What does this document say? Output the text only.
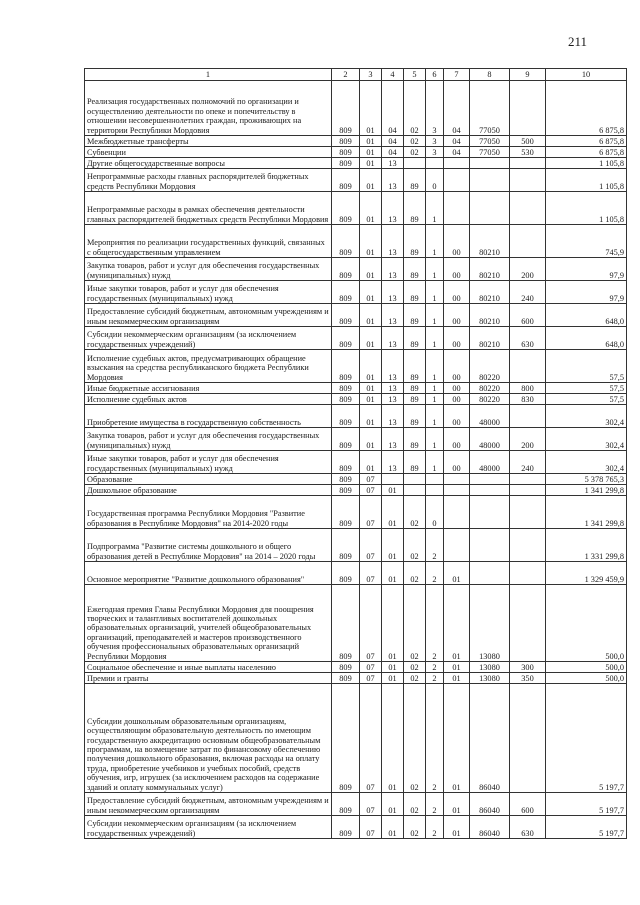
211
1	2	3	4	5	6	7	8	9	10
Реализация государственных полномочий по организации и осуществлению деятельности по опеке и попечительству в отношении несовершеннолетних граждан, проживающих на территории Республики Мордовия	809	01	04	02	3	04	77050		6 875,8
Межбюджетные трансферты	809	01	04	02	3	04	77050	500	6 875,8
Субвенции	809	01	04	02	3	04	77050	530	6 875,8
Другие общегосударственные вопросы	809	01	13						1 105,8
Непрограммные расходы главных распорядителей бюджетных средств Республики Мордовия	809	01	13	89	0				1 105,8
Непрограммные расходы в рамках обеспечения деятельности главных распорядителей бюджетных средств Республики Мордовия	809	01	13	89	1				1 105,8
Мероприятия по реализации государственных функций, связанных с общегосударственным управлением	809	01	13	89	1	00	80210		745,9
Закупка товаров, работ и услуг для обеспечения государственных (муниципальных) нужд	809	01	13	89	1	00	80210	200	97,9
Иные закупки товаров, работ и услуг для обеспечения государственных (муниципальных) нужд	809	01	13	89	1	00	80210	240	97,9
Предоставление субсидий бюджетным, автономным учреждениям и иным некоммерческим организациям	809	01	13	89	1	00	80210	600	648,0
Субсидии некоммерческим организациям (за исключением государственных учреждений)	809	01	13	89	1	00	80210	630	648,0
Исполнение судебных актов, предусматривающих обращение взыскания на средства республиканского бюджета Республики Мордовия	809	01	13	89	1	00	80220		57,5
Иные бюджетные ассигнования	809	01	13	89	1	00	80220	800	57,5
Исполнение судебных актов	809	01	13	89	1	00	80220	830	57,5
Приобретение имущества в государственную собственность	809	01	13	89	1	00	48000		302,4
Закупка товаров, работ и услуг для обеспечения государственных (муниципальных) нужд	809	01	13	89	1	00	48000	200	302,4
Иные закупки товаров, работ и услуг для обеспечения государственных (муниципальных) нужд	809	01	13	89	1	00	48000	240	302,4
Образование	809	07							5 378 765,3
Дошкольное образование	809	07	01						1 341 299,8
Государственная программа Республики Мордовия "Развитие образования в Республике Мордовия" на 2014-2020 годы	809	07	01	02	0				1 341 299,8
Подпрограмма "Развитие системы дошкольного и общего образования детей в Республике Мордовия" на 2014 – 2020 годы	809	07	01	02	2				1 331 299,8
Основное мероприятие "Развитие дошкольного образования"	809	07	01	02	2	01			1 329 459,9
Ежегодная премия Главы Республики Мордовия для поощрения творческих и талантливых воспитателей дошкольных образовательных организаций, учителей общеобразовательных организаций, преподавателей и мастеров производственного обучения профессиональных образовательных организаций Республики Мордовия	809	07	01	02	2	01	13080		500,0
Социальное обеспечение и иные выплаты населению	809	07	01	02	2	01	13080	300	500,0
Премии и гранты	809	07	01	02	2	01	13080	350	500,0
Субсидии дошкольным образовательным организациям, осуществляющим образовательную деятельность по имеющим государственную аккредитацию основным общеобразовательным программам, на возмещение затрат по финансовому обеспечению получения дошкольного образования, включая расходы на оплату труда, приобретение учебников и учебных пособий, средств обучения, игр, игрушек (за исключением расходов на содержание зданий и оплату коммунальных услуг)	809	07	01	02	2	01	86040		5 197,7
Предоставление субсидий бюджетным, автономным учреждениям и иным некоммерческим организациям	809	07	01	02	2	01	86040	600	5 197,7
Субсидии некоммерческим организациям (за исключением государственных учреждений)	809	07	01	02	2	01	86040	630	5 197,7
